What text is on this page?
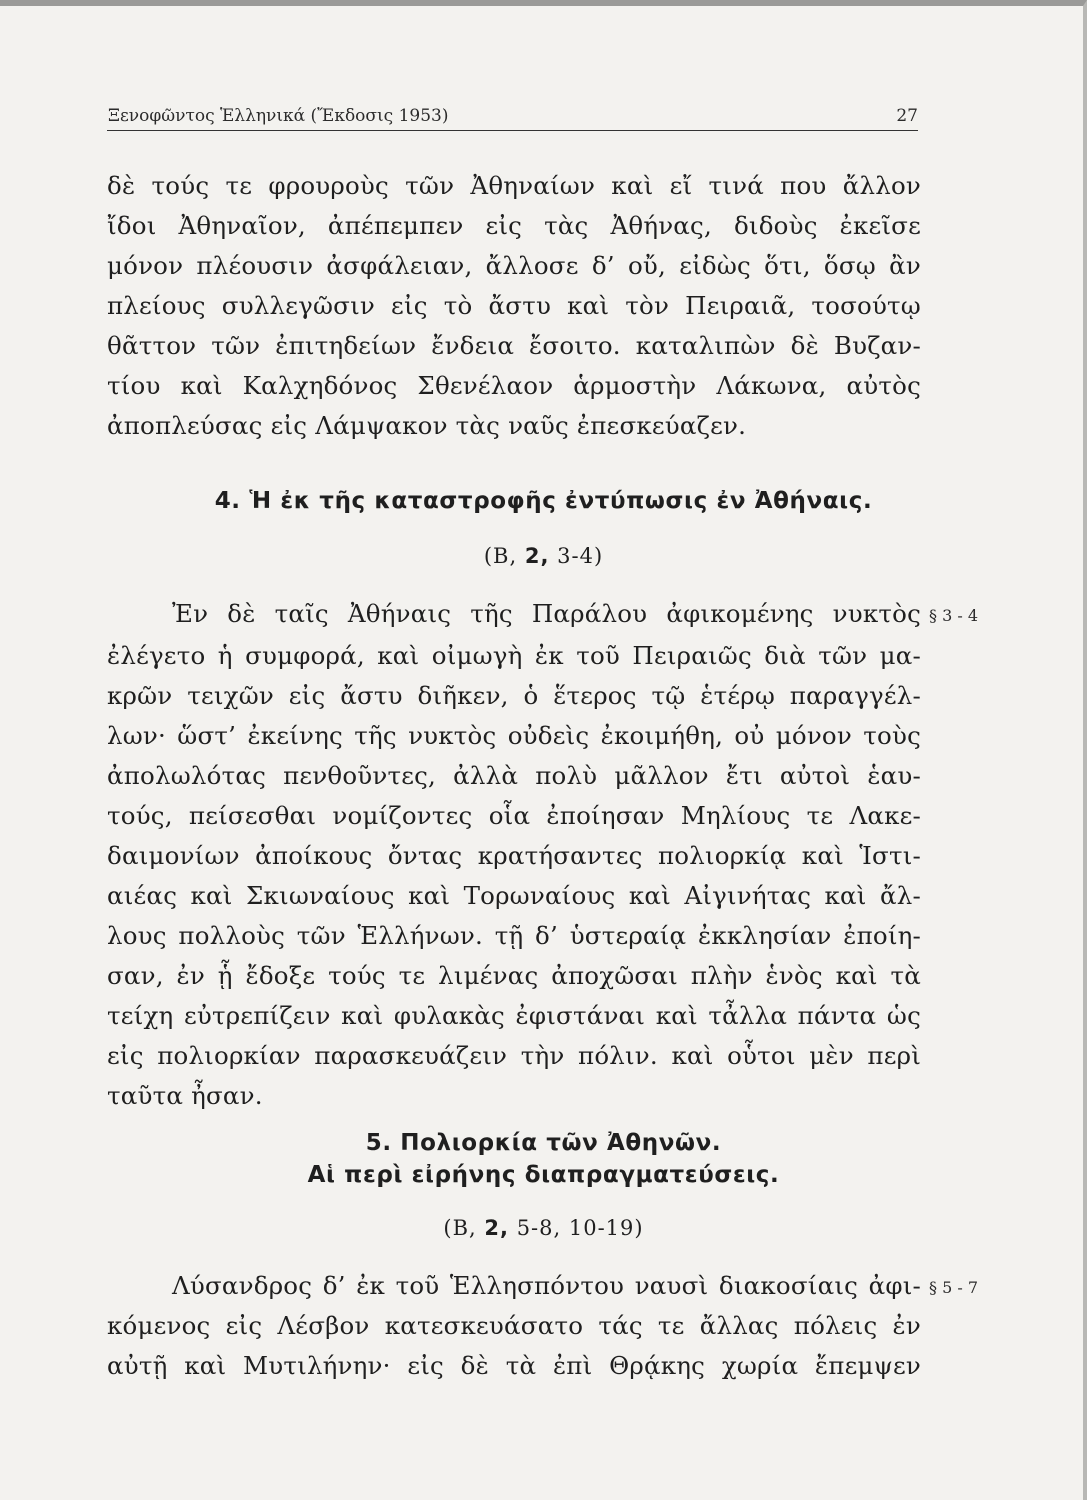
Ξενοφῶντος Ἑλληνικά (Ἔκδοσις 1953)	27
δὲ τούς τε φρουροὺς τῶν Ἀθηναίων καὶ εἴ τινά που ἄλλον
ἴδοι Ἀθηναῖον, ἀπέπεμπεν εἰς τὰς Ἀθήνας, διδοὺς ἐκεῖσε
μόνον πλέουσιν ἀσφάλειαν, ἄλλοσε δ’ οὔ, εἰδὼς ὅτι, ὅσῳ ἂν
πλείους συλλεγῶσιν εἰς τὸ ἄστυ καὶ τὸν Πειραιᾶ, τοσούτῳ
θᾶττον τῶν ἐπιτηδείων ἔνδεια ἔσοιτο. καταλιπὼν δὲ Βυζαν-
τίου καὶ Καλχηδόνος Σθενέλαον ἁρμοστὴν Λάκωνα, αὐτὸς
ἀποπλεύσας εἰς Λάμψακον τὰς ναῦς ἐπεσκεύαζεν.
4. Ἡ ἐκ τῆς καταστροφῆς ἐντύπωσις ἐν Ἀθήναις.
(Β, 2, 3-4)
Ἐν δὲ ταῖς Ἀθήναις τῆς Παράλου ἀφικομένης νυκτὸς § 3 - 4
ἐλέγετο ἡ συμφορά, καὶ οἰμωγὴ ἐκ τοῦ Πειραιῶς διὰ τῶν μα-
κρῶν τειχῶν εἰς ἄστυ διῆκεν, ὁ ἕτερος τῷ ἑτέρῳ παραγγέλ-
λων· ὥστ’ ἐκείνης τῆς νυκτὸς οὐδεὶς ἐκοιμήθη, οὐ μόνον τοὺς
ἀπολωλότας πενθοῦντες, ἀλλὰ πολὺ μᾶλλον ἔτι αὐτοὶ ἑαυ-
τούς, πείσεσθαι νομίζοντες οἷα ἐποίησαν Μηλίους τε Λακε-
δαιμονίων ἀποίκους ὄντας κρατήσαντες πολιορκίᾳ καὶ Ἱστι-
αιέας καὶ Σκιωναίους καὶ Τορωναίους καὶ Αἰγινήτας καὶ ἄλ-
λους πολλοὺς τῶν Ἑλλήνων. τῇ δ’ ὑστεραίᾳ ἐκκλησίαν ἐποίη-
σαν, ἐν ᾗ ἔδοξε τούς τε λιμένας ἀποχῶσαι πλὴν ἑνὸς καὶ τὰ
τείχη εὐτρεπίζειν καὶ φυλακὰς ἐφιστάναι καὶ τἆλλα πάντα ὡς
εἰς πολιορκίαν παρασκευάζειν τὴν πόλιν. καὶ οὗτοι μὲν περὶ
ταῦτα ἦσαν.
5. Πολιορκία τῶν Ἀθηνῶν.
Αἱ περὶ εἰρήνης διαπραγματεύσεις.
(Β, 2, 5-8, 10-19)
Λύσανδρος δ’ ἐκ τοῦ Ἑλλησπόντου ναυσὶ διακοσίαις ἀφι- § 5 - 7
κόμενος εἰς Λέσβον κατεσκευάσατο τάς τε ἄλλας πόλεις ἐν
αὐτῇ καὶ Μυτιλήνην· εἰς δὲ τὰ ἐπὶ Θρᾴκης χωρία ἔπεμψεν
